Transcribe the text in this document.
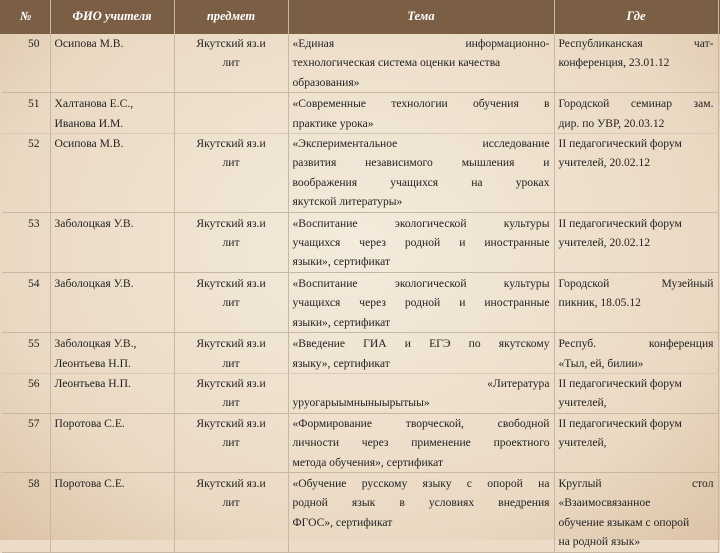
№	ФИО учителя	предмет	Тема	Где
50	Осипова М.В.	Якутский яз.и
лит	«Единая информационно-
технологическая система оценки качества
образования»	Республиканская чат-
конференция, 23.01.12

51	Халтанова Е.С.,
Иванова И.М.		«Современные технологии обучения в
практике урока»	Городской семинар зам.
дир. по УВР, 20.03.12

52	Осипова М.В.	Якутский яз.и
лит	«Экспериментальное исследование
развития независимого мышления и
воображения учащихся на уроках
якутской литературы»	II педагогический форум
учителей, 20.02.12

53	Заболоцкая У.В.	Якутский яз.и
лит	«Воспитание экологической культуры
учащихся через родной и иностранные
языки», сертификат	II педагогический форум
учителей, 20.02.12

54	Заболоцкая У.В.	Якутский яз.и
лит	«Воспитание экологической культуры
учащихся через родной и иностранные
языки», сертификат	Городской Музейный
пикник, 18.05.12

55	Заболоцкая У.В.,
Леонтьева Н.П.	Якутский яз.и
лит	«Введение ГИА и ЕГЭ по якутскому
языку», сертификат	Респуб. конференция
«Тыл, ей, билии»

56	Леонтьева Н.П.	Якутский яз.и
лит	«Литература
уруогарыымныныырытыы»	II педагогический форум
учителей,

57	Поротова С.Е.	Якутский яз.и
лит	«Формирование творческой, свободной
личности через применение проектного
метода обучения», сертификат	II педагогический форум
учителей,

58	Поротова С.Е.	Якутский яз.и
лит	«Обучение русскому языку с опорой на
родной язык в условиях внедрения
ФГОС», сертификат	Круглый стол
«Взаимосвязанное
обучение языкам с опорой
на родной язык»
